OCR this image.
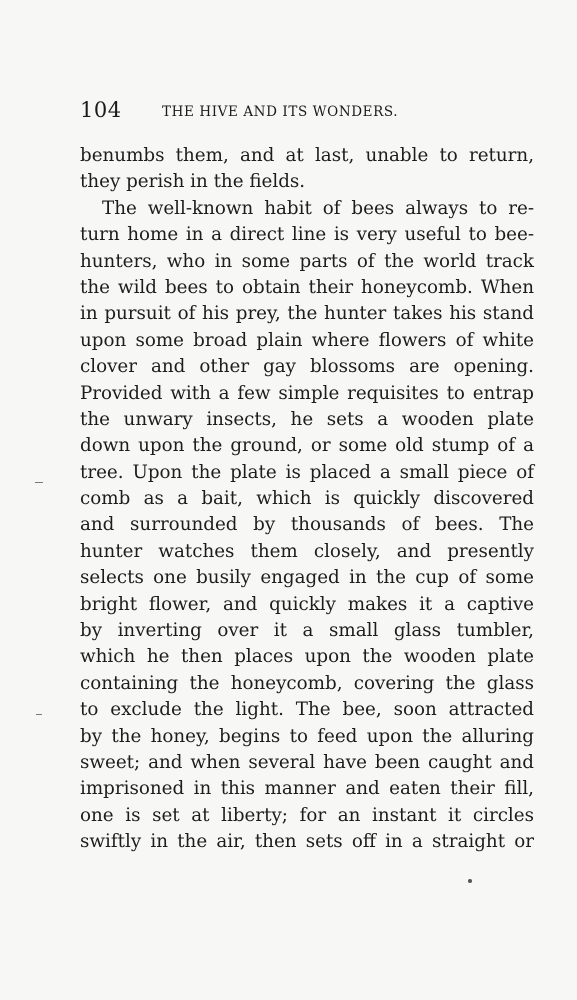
104	THE HIVE AND ITS WONDERS.
benumbs them, and at last, unable to return,
they perish in the fields.
The well-known habit of bees always to re-
turn home in a direct line is very useful to bee-
hunters, who in some parts of the world track
the wild bees to obtain their honeycomb. When
in pursuit of his prey, the hunter takes his stand
upon some broad plain where flowers of white
clover and other gay blossoms are opening.
Provided with a few simple requisites to entrap
the unwary insects, he sets a wooden plate
down upon the ground, or some old stump of a
tree. Upon the plate is placed a small piece of
comb as a bait, which is quickly discovered
and surrounded by thousands of bees. The
hunter watches them closely, and presently
selects one busily engaged in the cup of some
bright flower, and quickly makes it a captive
by inverting over it a small glass tumbler,
which he then places upon the wooden plate
containing the honeycomb, covering the glass
to exclude the light. The bee, soon attracted
by the honey, begins to feed upon the alluring
sweet; and when several have been caught and
imprisoned in this manner and eaten their fill,
one is set at liberty; for an instant it circles
swiftly in the air, then sets off in a straight or
